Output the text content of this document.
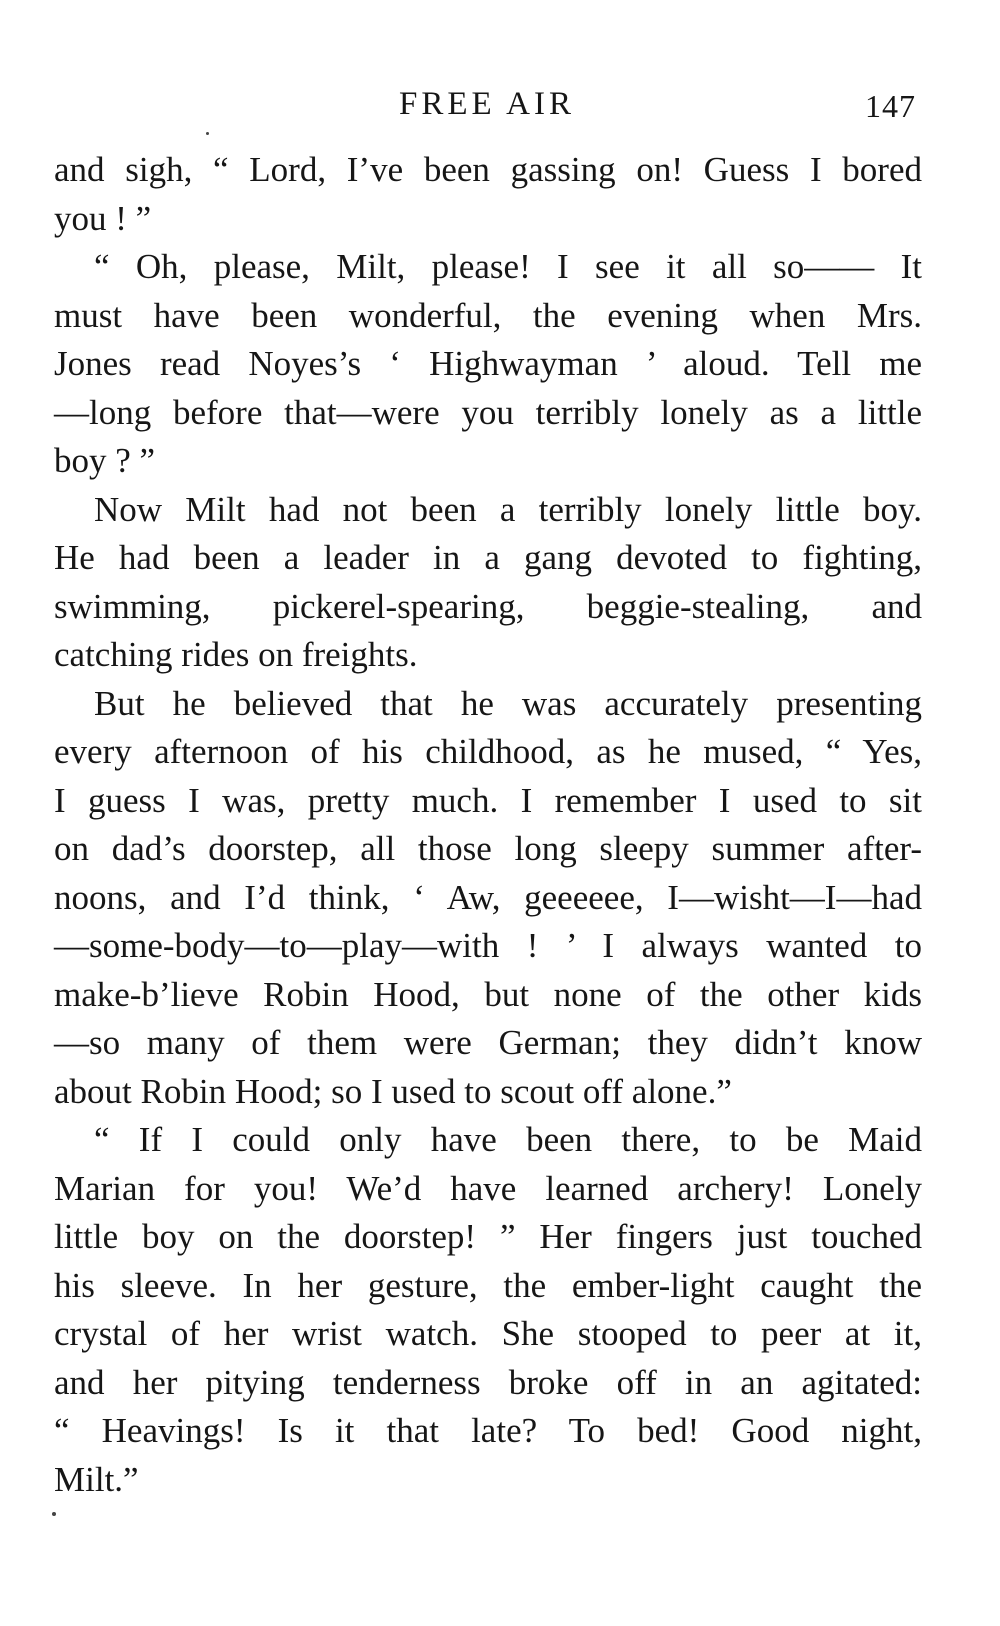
FREE AIR	147
and sigh, “ Lord, I’ve been gassing on! Guess I bored
you ! ”
“ Oh, please, Milt, please! I see it all so—— It
must have been wonderful, the evening when Mrs.
Jones read Noyes’s ‘ Highwayman ’ aloud. Tell me
—long before that—were you terribly lonely as a little
boy ? ”
Now Milt had not been a terribly lonely little boy.
He had been a leader in a gang devoted to fighting,
swimming, pickerel-spearing, beggie-stealing, and
catching rides on freights.
But he believed that he was accurately presenting
every afternoon of his childhood, as he mused, “ Yes,
I guess I was, pretty much. I remember I used to sit
on dad’s doorstep, all those long sleepy summer after-
noons, and I’d think, ‘ Aw, geeeeee, I—wisht—I—had
—some-body—to—play—with ! ’ I always wanted to
make-b’lieve Robin Hood, but none of the other kids
—so many of them were German; they didn’t know
about Robin Hood; so I used to scout off alone.”
“ If I could only have been there, to be Maid
Marian for you! We’d have learned archery! Lonely
little boy on the doorstep! ” Her fingers just touched
his sleeve. In her gesture, the ember-light caught the
crystal of her wrist watch. She stooped to peer at it,
and her pitying tenderness broke off in an agitated:
“ Heavings! Is it that late? To bed! Good night,
Milt.”
